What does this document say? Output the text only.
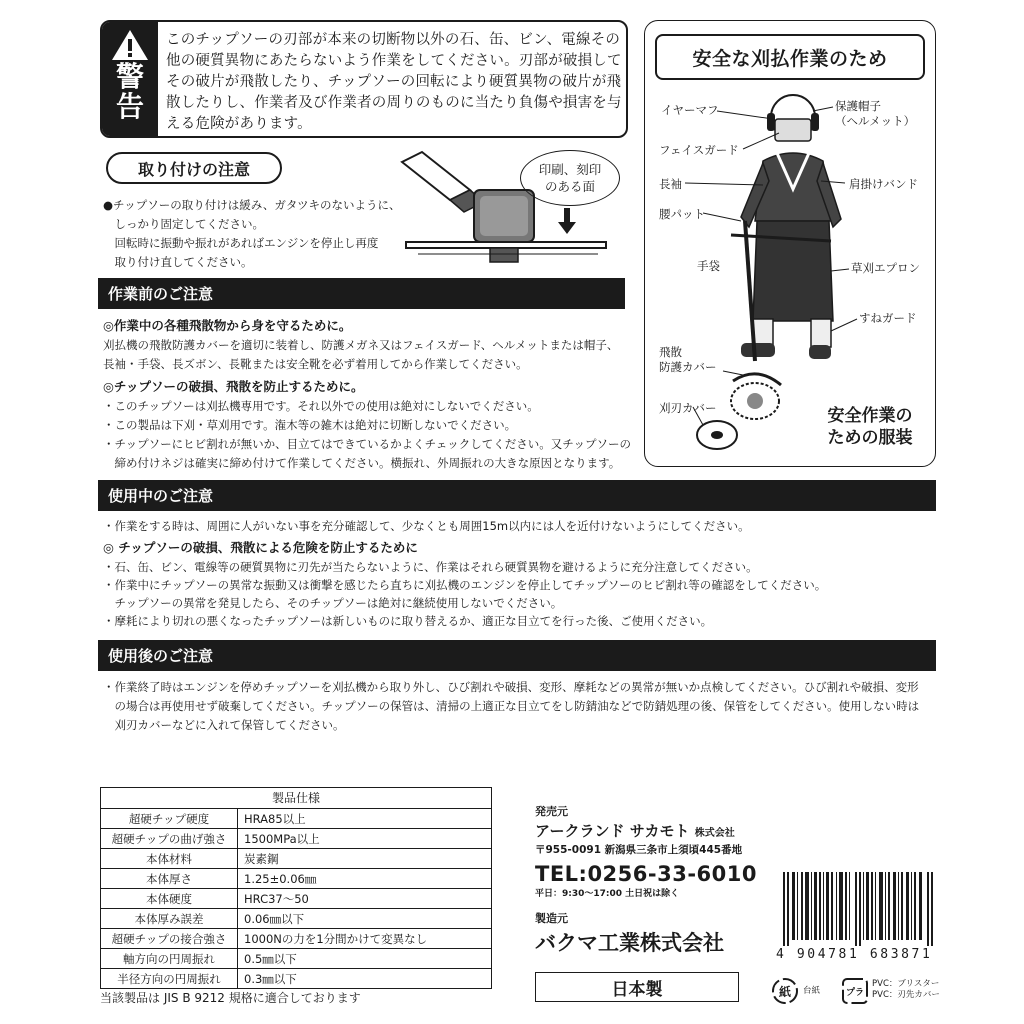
警
告
このチップソーの刃部が本来の切断物以外の石、缶、ビン、電線その他の硬質異物にあたらないよう作業をしてください。刃部が破損してその破片が飛散したり、チップソーの回転により硬質異物の破片が飛散したりし、作業者及び作業者の周りのものに当たり負傷や損害を与える危険があります。
取り付けの注意
●チップソーの取り付けは緩み、ガタツキのないように、
　しっかり固定してください。
　回転時に振動や振れがあればエンジンを停止し再度
　取り付け直してください。
印刷、刻印
のある面
安全な刈払作業のため
イヤーマフ	保護帽子
（ヘルメット）
フェイスガード
長袖	肩掛けバンド
腰パット
手袋	草刈エプロン
すねガード
飛散
防護カバー
刈刃カバー	安全作業の
ための服装
作業前のご注意
◎作業中の各種飛散物から身を守るために。
刈払機の飛散防護カバーを適切に装着し、防護メガネ又はフェイスガード、ヘルメットまたは帽子、
長袖・手袋、長ズボン、長靴または安全靴を必ず着用してから作業してください。
◎チップソーの破損、飛散を防止するために。
・このチップソーは刈払機専用です。それ以外での使用は絶対にしないでください。
・この製品は下刈・草刈用です。潅木等の雑木は絶対に切断しないでください。
・チップソーにヒビ割れが無いか、目立てはできているかよくチェックしてください。又チップソーの
　締め付けネジは確実に締め付けて作業してください。横振れ、外周振れの大きな原因となります。
使用中のご注意
・作業をする時は、周囲に人がいない事を充分確認して、少なくとも周囲15m以内には人を近付けないようにしてください。
◎ チップソーの破損、飛散による危険を防止するために
・石、缶、ビン、電線等の硬質異物に刃先が当たらないように、作業はそれら硬質異物を避けるように充分注意してください。
・作業中にチップソーの異常な振動又は衝撃を感じたら直ちに刈払機のエンジンを停止してチップソーのヒビ割れ等の確認をしてください。
　チップソーの異常を発見したら、そのチップソーは絶対に継続使用しないでください。
・摩耗により切れの悪くなったチップソーは新しいものに取り替えるか、適正な目立てを行った後、ご使用ください。
使用後のご注意
・作業終了時はエンジンを停めチップソーを刈払機から取り外し、ひび割れや破損、変形、摩耗などの異常が無いか点検してください。ひび割れや破損、変形
　の場合は再使用せず破棄してください。チップソーの保管は、清掃の上適正な目立てをし防錆油などで防錆処理の後、保管をしてください。使用しない時は
　刈刃カバーなどに入れて保管してください。
製品仕様
超硬チップ硬度	HRA85以上
超硬チップの曲げ強さ	1500MPa以上
本体材料	炭素鋼
本体厚さ	1.25±0.06㎜
本体硬度	HRC37〜50
本体厚み誤差	0.06㎜以下
超硬チップの接合強さ	1000Nの力を1分間かけて変異なし
軸方向の円周振れ	0.5㎜以下
半径方向の円周振れ	0.3㎜以下
当該製品は JIS B 9212 規格に適合しております
発売元
アークランド サカモト 株式会社
〒955-0091 新潟県三条市上須頃445番地
TEL:0256-33-6010
平日：9:30〜17:00 土日祝は除く
製造元
バクマ工業株式会社
日本製
4 904781 683871
紙 台紙	プラ
PVC：ブリスター
PVC：刃先カバー
